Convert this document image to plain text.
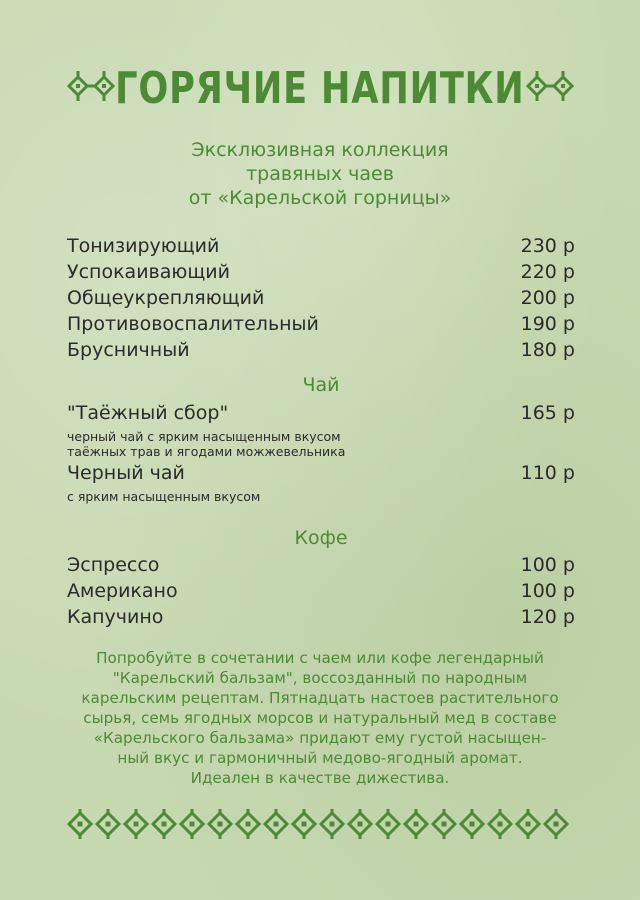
ГОРЯЧИЕ НАПИТКИ
Эксклюзивная коллекция
травяных чаев
от «Карельской горницы»
Тонизирующий	230 р
Успокаивающий	220 р
Общеукрепляющий	200 р
Противовоспалительный	190 р
Брусничный	180 р
Чай
"Таёжный сбор"	165 р
черный чай с ярким насыщенным вкусом
таёжных трав и ягодами можжевельника
Черный чай	110 р
с ярким насыщенным вкусом
Кофе
Эспрессо	100 р
Американо	100 р
Капучино	120 р
Попробуйте в сочетании с чаем или кофе легендарный
"Карельский бальзам", воссозданный по народным
карельским рецептам. Пятнадцать настоев растительного
сырья, семь ягодных морсов и натуральный мед в составе
«Карельского бальзама» придают ему густой насыщен-
ный вкус и гармоничный медово-ягодный аромат.
Идеален в качестве дижестива.
